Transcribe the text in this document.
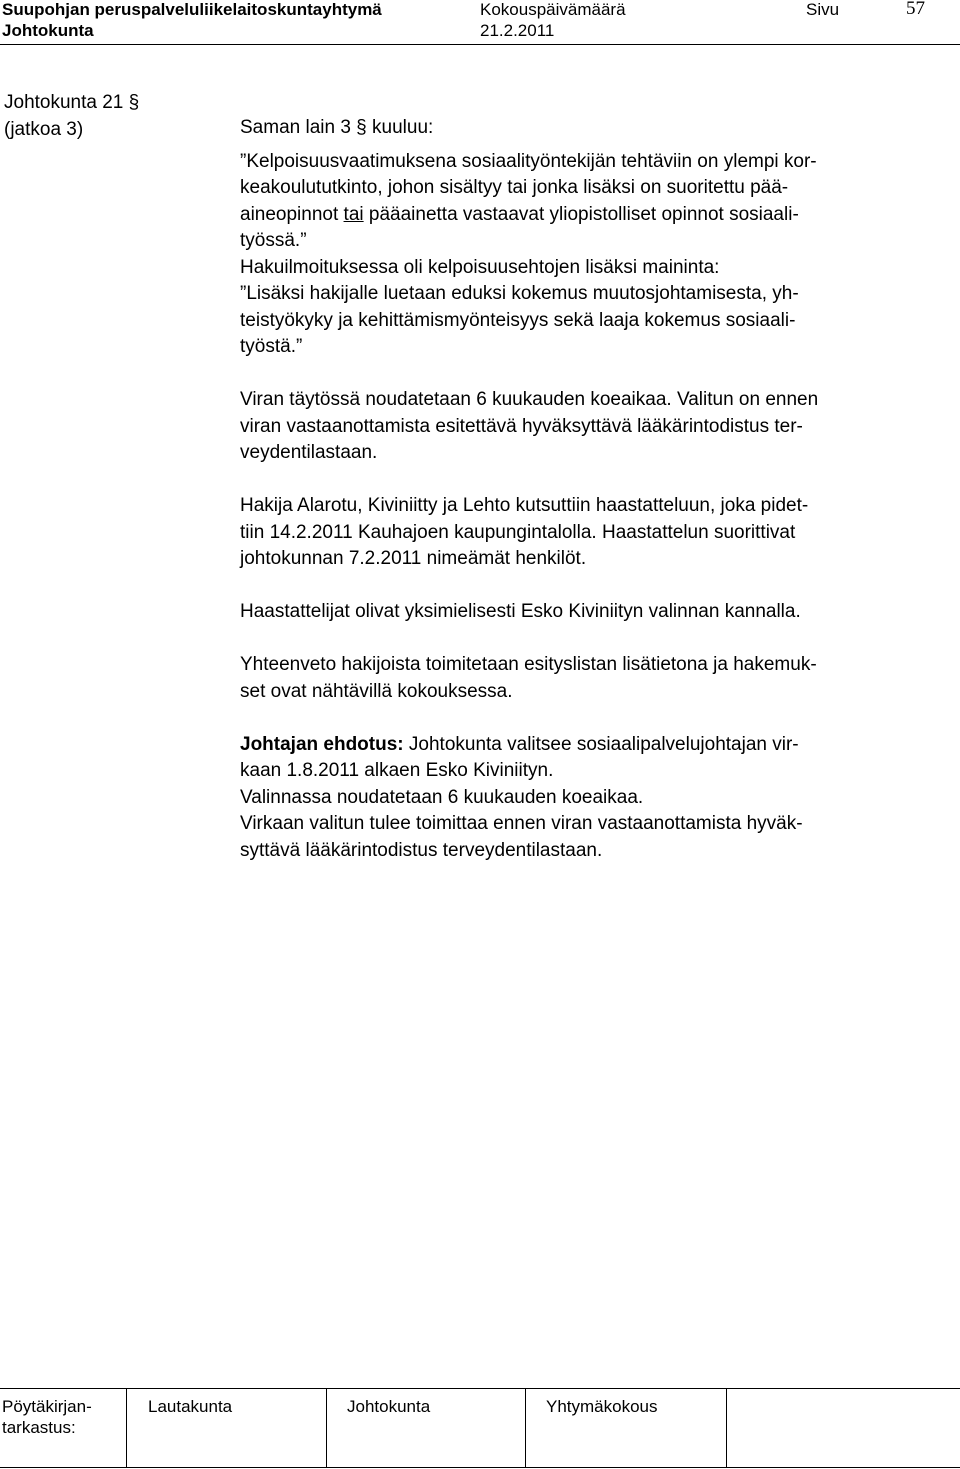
Suupohjan peruspalveluliikelaitoskuntayhtymä	Kokouspäivämäärä	Sivu	57
Johtokunta	21.2.2011
Johtokunta 21 §
(jatkoa 3)	Saman lain 3 § kuuluu:

”Kelpoisuusvaatimuksena sosiaalityöntekijän tehtäviin on ylempi kor-

keakoulututkinto, johon sisältyy tai jonka lisäksi on suoritettu pää-

aineopinnot tai pääainetta vastaavat yliopistolliset opinnot sosiaali-

työssä.”

Hakuilmoituksessa oli kelpoisuusehtojen lisäksi maininta:

”Lisäksi hakijalle luetaan eduksi kokemus muutosjohtamisesta, yh-

teistyökyky ja kehittämismyönteisyys sekä laaja kokemus sosiaali-

työstä.”

Viran täytössä noudatetaan 6 kuukauden koeaikaa. Valitun on ennen

viran vastaanottamista esitettävä hyväksyttävä lääkärintodistus ter-

veydentilastaan.

Hakija Alarotu, Kiviniitty ja Lehto kutsuttiin haastatteluun, joka pidet-

tiin 14.2.2011 Kauhajoen kaupungintalolla. Haastattelun suorittivat

johtokunnan 7.2.2011 nimeämät henkilöt.

Haastattelijat olivat yksimielisesti Esko Kiviniityn valinnan kannalla.

Yhteenveto hakijoista toimitetaan esityslistan lisätietona ja hakemuk-

set ovat nähtävillä kokouksessa.

Johtajan ehdotus: Johtokunta valitsee sosiaalipalvelujohtajan vir-

kaan 1.8.2011 alkaen Esko Kiviniityn.

Valinnassa noudatetaan 6 kuukauden koeaikaa.

Virkaan valitun tulee toimittaa ennen viran vastaanottamista hyväk-

syttävä lääkärintodistus terveydentilastaan.

Pöytäkirjan-
tarkastus:
Lautakunta	Johtokunta	Yhtymäkokous
